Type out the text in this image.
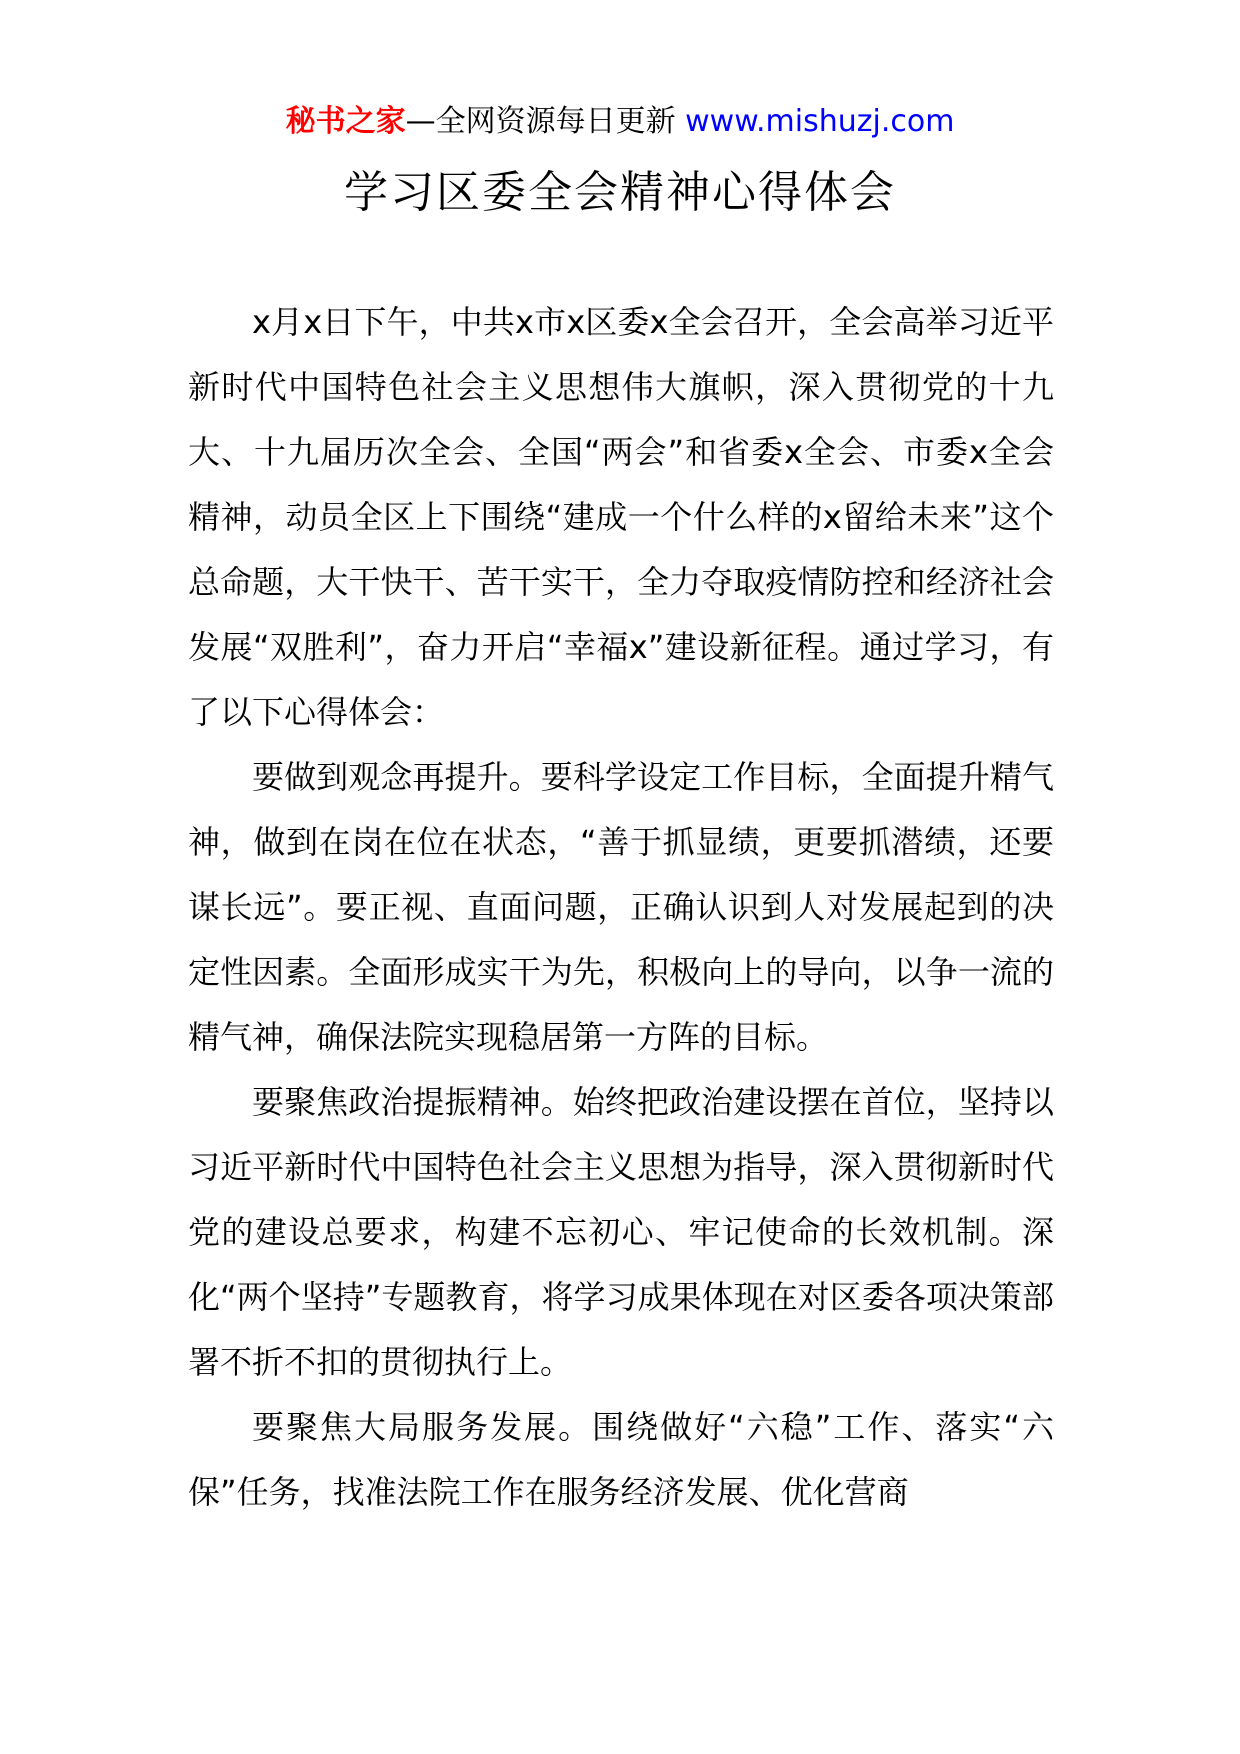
秘书之家—全网资源每日更新 www.mishuzj.com
学习区委全会精神心得体会

x月x日下午，中共x市x区委x全会召开，全会高举习近平新时代中国特色社会主义思想伟大旗帜，深入贯彻党的十九大、十九届历次全会、全国“两会”和省委x全会、市委x全会精神，动员全区上下围绕“建成一个什么样的x留给未来”这个总命题，大干快干、苦干实干，全力夺取疫情防控和经济社会发展“双胜利”，奋力开启“幸福x”建设新征程。通过学习，有了以下心得体会：

要做到观念再提升。要科学设定工作目标，全面提升精气神，做到在岗在位在状态，“善于抓显绩，更要抓潜绩，还要谋长远”。要正视、直面问题，正确认识到人对发展起到的决定性因素。全面形成实干为先，积极向上的导向，以争一流的精气神，确保法院实现稳居第一方阵的目标。

要聚焦政治提振精神。始终把政治建设摆在首位，坚持以习近平新时代中国特色社会主义思想为指导，深入贯彻新时代党的建设总要求，构建不忘初心、牢记使命的长效机制。深化“两个坚持”专题教育，将学习成果体现在对区委各项决策部署不折不扣的贯彻执行上。

要聚焦大局服务发展。围绕做好“六稳”工作、落实“六保”任务，找准法院工作在服务经济发展、优化营商
